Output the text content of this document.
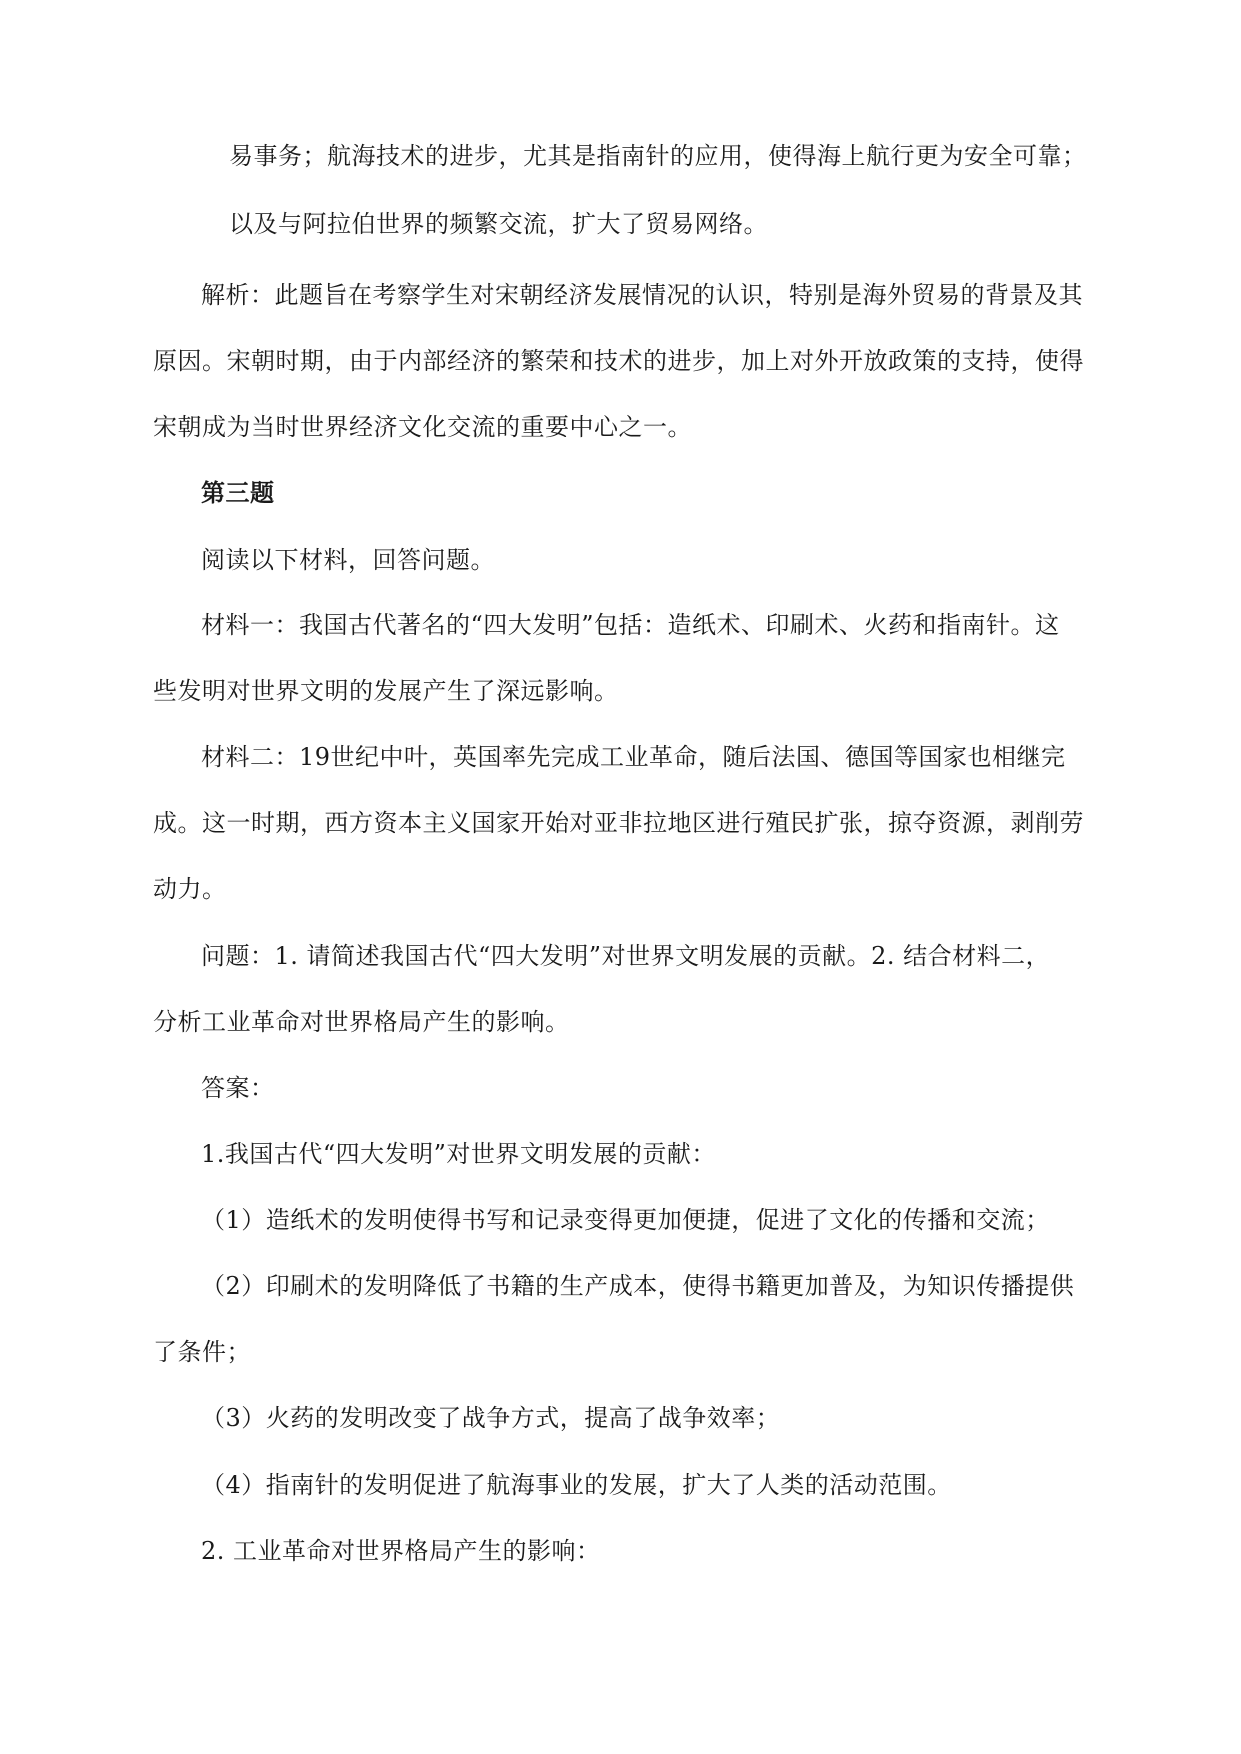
易事务；航海技术的进步，尤其是指南针的应用，使得海上航行更为安全可靠；

以及与阿拉伯世界的频繁交流，扩大了贸易网络。

解析：此题旨在考察学生对宋朝经济发展情况的认识，特别是海外贸易的背景及其

原因。宋朝时期，由于内部经济的繁荣和技术的进步，加上对外开放政策的支持，使得

宋朝成为当时世界经济文化交流的重要中心之一。

第三题

阅读以下材料，回答问题。

材料一：我国古代著名的“四大发明”包括：造纸术、印刷术、火药和指南针。这

些发明对世界文明的发展产生了深远影响。

材料二：19世纪中叶，英国率先完成工业革命，随后法国、德国等国家也相继完

成。这一时期，西方资本主义国家开始对亚非拉地区进行殖民扩张，掠夺资源，剥削劳

动力。

问题：1. 请简述我国古代“四大发明”对世界文明发展的贡献。2. 结合材料二，

分析工业革命对世界格局产生的影响。

答案：

1.我国古代“四大发明”对世界文明发展的贡献：

（1）造纸术的发明使得书写和记录变得更加便捷，促进了文化的传播和交流；

（2）印刷术的发明降低了书籍的生产成本，使得书籍更加普及，为知识传播提供

了条件；

（3）火药的发明改变了战争方式，提高了战争效率；

（4）指南针的发明促进了航海事业的发展，扩大了人类的活动范围。

2. 工业革命对世界格局产生的影响：
